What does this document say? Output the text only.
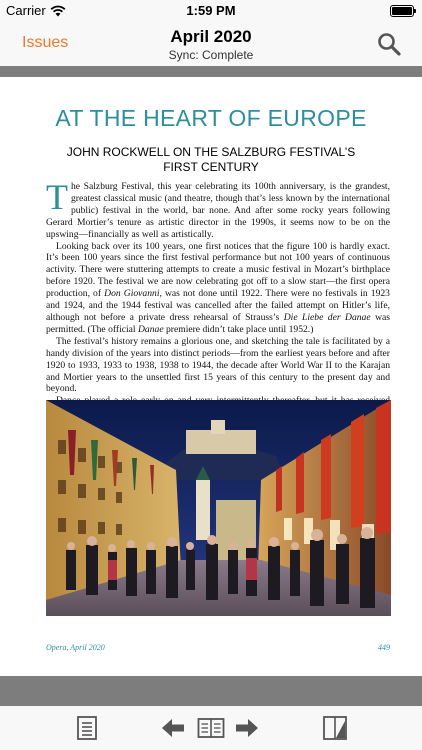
Carrier	1:59 PM
Issues	April 2020
Sync: Complete
AT THE HEART OF EUROPE
JOHN ROCKWELL ON THE SALZBURG FESTIVAL’S FIRST CENTURY

The Salzburg Festival, this year celebrating its 100th anniversary, is the grandest, greatest classical music (and theatre, though that’s less known by the international public) festival in the world, bar none. And after some rocky years following Gerard Mortier’s tenure as artistic director in the 1990s, it seems now to be on the upswing—financially as well as artistically.

Looking back over its 100 years, one first notices that the figure 100 is hardly exact. It’s been 100 years since the first festival performance but not 100 years of continuous activity. There were stuttering attempts to create a music festival in Mozart’s birthplace before 1920. The festival we are now celebrating got off to a slow start—the first opera production, of Don Giovanni, was not done until 1922. There were no festivals in 1923 and 1924, and the 1944 festival was cancelled after the failed attempt on Hitler’s life, although not before a private dress rehearsal of Strauss’s Die Liebe der Danae was permitted. (The official Danae premiere didn’t take place until 1952.)

The festival’s history remains a glorious one, and sketching the tale is facilitated by a handy division of the years into distinct periods—from the earliest years before and after 1920 to 1933, 1933 to 1938, 1938 to 1944, the decade after World War II to the Karajan and Mortier years to the unsettled first 15 years of this century to the present day and beyond.

Opera, April 2020	449
